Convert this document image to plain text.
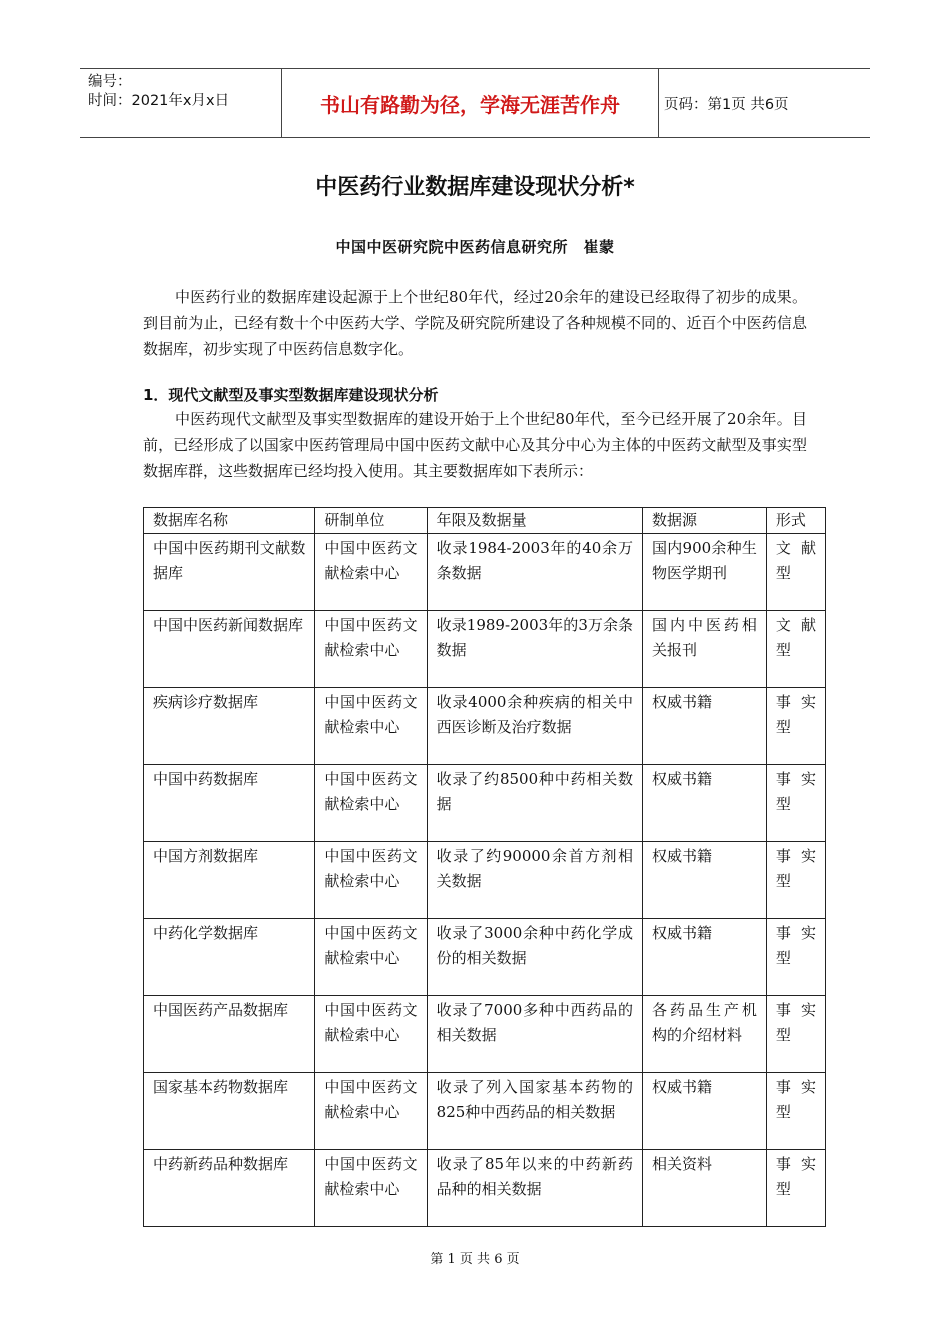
编号：
时间：2021年x月x日	书山有路勤为径，学海无涯苦作舟	页码：第1页 共6页
中医药行业数据库建设现状分析*
中国中医研究院中医药信息研究所　崔蒙
中医药行业的数据库建设起源于上个世纪80年代，经过20余年的建设已经取得了初步的成果。到目前为止，已经有数十个中医药大学、学院及研究院所建设了各种规模不同的、近百个中医药信息数据库，初步实现了中医药信息数字化。
1．现代文献型及事实型数据库建设现状分析
中医药现代文献型及事实型数据库的建设开始于上个世纪80年代，至今已经开展了20余年。目前，已经形成了以国家中医药管理局中国中医药文献中心及其分中心为主体的中医药文献型及事实型数据库群，这些数据库已经均投入使用。其主要数据库如下表所示：
数据库名称	研制单位	年限及数据量	数据源	形式
中国中医药期刊文献数据库	中国中医药文献检索中心	收录1984-2003年的40余万条数据	国内900余种生物医学期刊	文献型
中国中医药新闻数据库	中国中医药文献检索中心	收录1989-2003年的3万余条数据	国内中医药相关报刊	文献型
疾病诊疗数据库	中国中医药文献检索中心	收录4000余种疾病的相关中西医诊断及治疗数据	权威书籍	事实型
中国中药数据库	中国中医药文献检索中心	收录了约8500种中药相关数据	权威书籍	事实型
中国方剂数据库	中国中医药文献检索中心	收录了约90000余首方剂相关数据	权威书籍	事实型
中药化学数据库	中国中医药文献检索中心	收录了3000余种中药化学成份的相关数据	权威书籍	事实型
中国医药产品数据库	中国中医药文献检索中心	收录了7000多种中西药品的相关数据	各药品生产机构的介绍材料	事实型
国家基本药物数据库	中国中医药文献检索中心	收录了列入国家基本药物的825种中西药品的相关数据	权威书籍	事实型
中药新药品种数据库	中国中医药文献检索中心	收录了85年以来的中药新药品种的相关数据	相关资料	事实型
第 1 页 共 6 页
